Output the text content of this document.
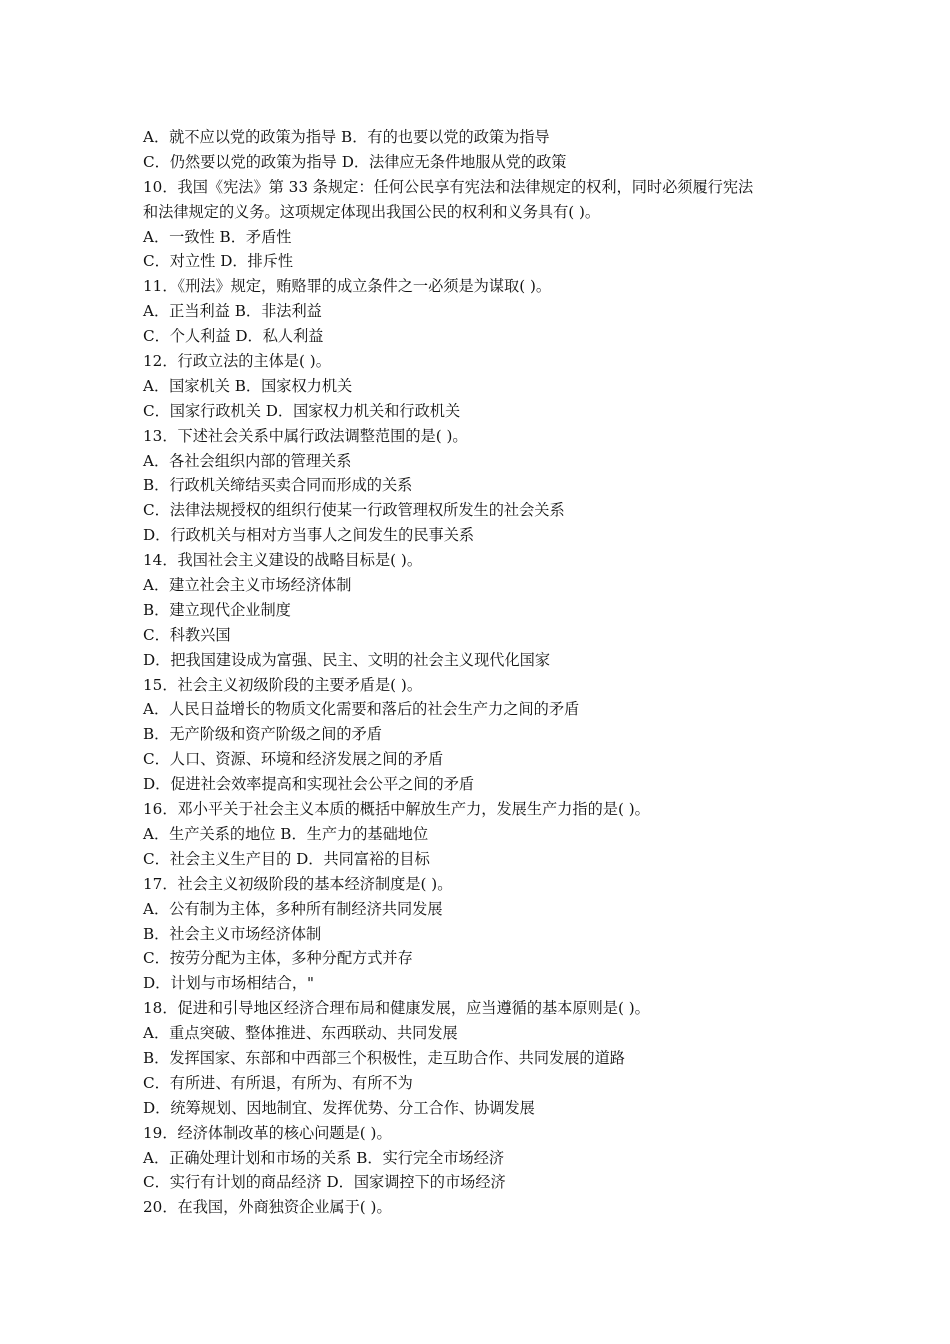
A．就不应以党的政策为指导 B．有的也要以党的政策为指导
C．仍然要以党的政策为指导 D．法律应无条件地服从党的政策
10．我国《宪法》第 33 条规定：任何公民享有宪法和法律规定的权利，同时必须履行宪法
和法律规定的义务。这项规定体现出我国公民的权利和义务具有( )。
A．一致性 B．矛盾性
C．对立性 D．排斥性
11．《刑法》规定，贿赂罪的成立条件之一必须是为谋取( )。
A．正当利益 B．非法利益
C．个人利益 D．私人利益
12．行政立法的主体是( )。
A．国家机关 B．国家权力机关
C．国家行政机关 D．国家权力机关和行政机关
13．下述社会关系中属行政法调整范围的是( )。
A．各社会组织内部的管理关系
B．行政机关缔结买卖合同而形成的关系
C．法律法规授权的组织行使某一行政管理权所发生的社会关系
D．行政机关与相对方当事人之间发生的民事关系
14．我国社会主义建设的战略目标是( )。
A．建立社会主义市场经济体制
B．建立现代企业制度
C．科教兴国
D．把我国建设成为富强、民主、文明的社会主义现代化国家
15．社会主义初级阶段的主要矛盾是( )。
A．人民日益增长的物质文化需要和落后的社会生产力之间的矛盾
B．无产阶级和资产阶级之间的矛盾
C．人口、资源、环境和经济发展之间的矛盾
D．促进社会效率提高和实现社会公平之间的矛盾
16．邓小平关于社会主义本质的概括中解放生产力，发展生产力指的是( )。
A．生产关系的地位 B．生产力的基础地位
C．社会主义生产目的 D．共同富裕的目标
17．社会主义初级阶段的基本经济制度是( )。
A．公有制为主体，多种所有制经济共同发展
B．社会主义市场经济体制
C．按劳分配为主体，多种分配方式并存
D．计划与市场相结合，"
18．促进和引导地区经济合理布局和健康发展，应当遵循的基本原则是( )。
A．重点突破、整体推进、东西联动、共同发展
B．发挥国家、东部和中西部三个积极性，走互助合作、共同发展的道路
C．有所进、有所退，有所为、有所不为
D．统筹规划、因地制宜、发挥优势、分工合作、协调发展
19．经济体制改革的核心问题是( )。
A．正确处理计划和市场的关系 B．实行完全市场经济
C．实行有计划的商品经济 D．国家调控下的市场经济
20．在我国，外商独资企业属于( )。
